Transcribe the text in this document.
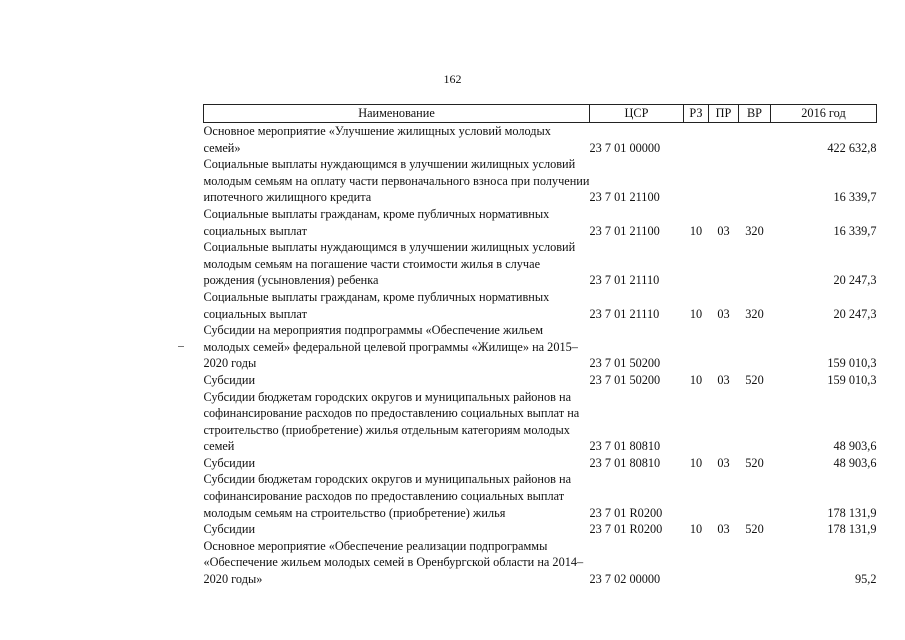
162
Наименование	ЦСР	РЗ	ПР	ВР	2016 год
Основное мероприятие «Улучшение жилищных условий молодых семей»	23 7 01 00000				422 632,8
Социальные выплаты нуждающимся в улучшении жилищных условий молодым семьям на оплату части первоначального взноса при получении ипотечного жилищного кредита	23 7 01 21100				16 339,7
Социальные выплаты гражданам, кроме публичных нормативных социальных выплат	23 7 01 21100	10	03	320	16 339,7
Социальные выплаты нуждающимся в улучшении жилищных условий молодым семьям на погашение части стоимости жилья в случае рождения (усыновления) ребенка	23 7 01 21110				20 247,3
Социальные выплаты гражданам, кроме публичных нормативных социальных выплат	23 7 01 21110	10	03	320	20 247,3
Субсидии на мероприятия подпрограммы «Обеспечение жильем молодых семей» федеральной целевой программы «Жилище» на 2015–2020 годы	23 7 01 50200				159 010,3
Субсидии	23 7 01 50200	10	03	520	159 010,3
Субсидии бюджетам городских округов и муниципальных районов на софинансирование расходов по предоставлению социальных выплат на строительство (приобретение) жилья отдельным категориям молодых семей	23 7 01 80810				48 903,6
Субсидии	23 7 01 80810	10	03	520	48 903,6
Субсидии бюджетам городских округов и муниципальных районов на софинансирование расходов по предоставлению социальных выплат молодым семьям на строительство (приобретение) жилья	23 7 01 R0200				178 131,9
Субсидии	23 7 01 R0200	10	03	520	178 131,9
Основное мероприятие «Обеспечение реализации подпрограммы «Обеспечение жильем молодых семей в Оренбургской области на 2014–2020 годы»	23 7 02 00000				95,2
